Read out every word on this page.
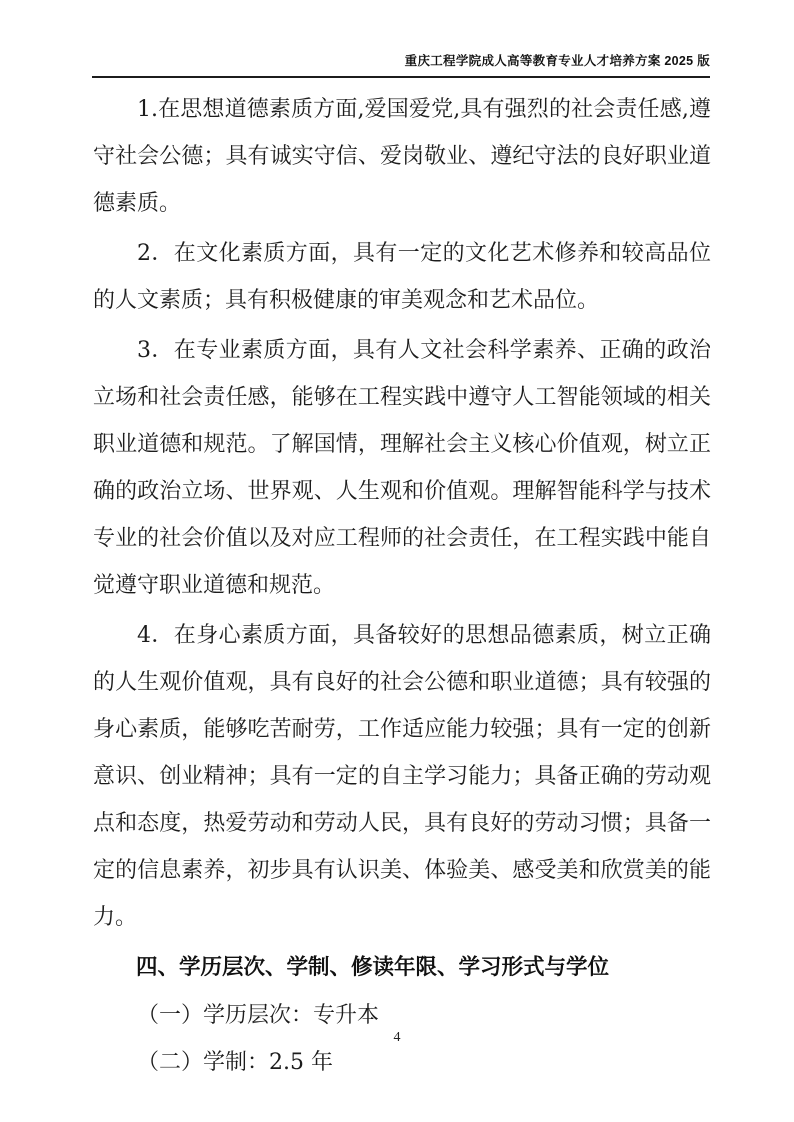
重庆工程学院成人高等教育专业人才培养方案 2025 版

1.在思想道德素质方面,爱国爱党,具有强烈的社会责任感,遵守社会公德；具有诚实守信、爱岗敬业、遵纪守法的良好职业道德素质。

2．在文化素质方面，具有一定的文化艺术修养和较高品位的人文素质；具有积极健康的审美观念和艺术品位。

3．在专业素质方面，具有人文社会科学素养、正确的政治立场和社会责任感，能够在工程实践中遵守人工智能领域的相关职业道德和规范。了解国情，理解社会主义核心价值观，树立正确的政治立场、世界观、人生观和价值观。理解智能科学与技术专业的社会价值以及对应工程师的社会责任，在工程实践中能自觉遵守职业道德和规范。

4．在身心素质方面，具备较好的思想品德素质，树立正确的人生观价值观，具有良好的社会公德和职业道德；具有较强的身心素质，能够吃苦耐劳，工作适应能力较强；具有一定的创新意识、创业精神；具有一定的自主学习能力；具备正确的劳动观点和态度，热爱劳动和劳动人民，具有良好的劳动习惯；具备一定的信息素养，初步具有认识美、体验美、感受美和欣赏美的能力。

四、学历层次、学制、修读年限、学习形式与学位

（一）学历层次：专升本

（二）学制：2.5 年

4
